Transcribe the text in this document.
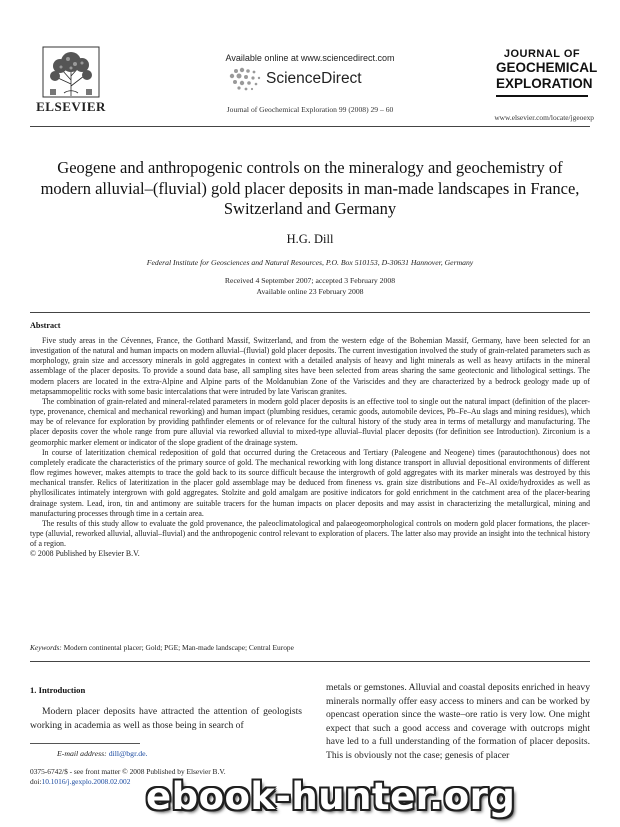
ELSEVIER
Available online at www.sciencedirect.com
ScienceDirect
Journal of Geochemical Exploration 99 (2008) 29 – 60
JOURNAL OF
GEOCHEMICAL
EXPLORATION
www.elsevier.com/locate/jgeoexp
Geogene and anthropogenic controls on the mineralogy and geochemistry of modern alluvial–(fluvial) gold placer deposits in man-made landscapes in France, Switzerland and Germany
H.G. Dill
Federal Institute for Geosciences and Natural Resources, P.O. Box 510153, D-30631 Hannover, Germany
Received 4 September 2007; accepted 3 February 2008
Available online 23 February 2008
Abstract

Five study areas in the Cévennes, France, the Gotthard Massif, Switzerland, and from the western edge of the Bohemian Massif, Germany, have been selected for an investigation of the natural and human impacts on modern alluvial–(fluvial) gold placer deposits. The current investigation involved the study of grain-related parameters such as morphology, grain size and accessory minerals in gold aggregates in context with a detailed analysis of heavy and light minerals as well as heavy artifacts in the mineral assemblage of the placer deposits. To provide a sound data base, all sampling sites have been selected from areas sharing the same geotectonic and lithological settings. The modern placers are located in the extra-Alpine and Alpine parts of the Moldanubian Zone of the Variscides and they are characterized by a bedrock geology made up of metapsammopelitic rocks with some basic intercalations that were intruded by late Variscan granites.

The combination of grain-related and mineral-related parameters in modern gold placer deposits is an effective tool to single out the natural impact (definition of the placer-type, provenance, chemical and mechanical reworking) and human impact (plumbing residues, ceramic goods, automobile devices, Pb–Fe–Au slags and mining residues), which may be of relevance for exploration by providing pathfinder elements or of relevance for the cultural history of the study area in terms of metallurgy and manufacturing. The placer deposits cover the whole range from pure alluvial via reworked alluvial to mixed-type alluvial–fluvial placer deposits (for definition see Introduction). Zirconium is a geomorphic marker element or indicator of the slope gradient of the drainage system.

In course of lateritization chemical redeposition of gold that occurred during the Cretaceous and Tertiary (Paleogene and Neogene) times (parautochthonous) does not completely eradicate the characteristics of the primary source of gold. The mechanical reworking with long distance transport in alluvial depositional environments of different flow regimes however, makes attempts to trace the gold back to its source difficult because the intergrowth of gold aggregates with its marker minerals was destroyed by this mechanical transfer. Relics of lateritization in the placer gold assemblage may be deduced from fineness vs. grain size distributions and Fe–Al oxide/hydroxides as well as phyllosilicates intimately intergrown with gold aggregates. Stolzite and gold amalgam are positive indicators for gold enrichment in the catchment area of the placer-bearing drainage system. Lead, iron, tin and antimony are suitable tracers for the human impacts on placer deposits and may assist in characterizing the metallurgical, mining and manufacturing processes through time in a certain area.

The results of this study allow to evaluate the gold provenance, the paleoclimatological and palaeogeomorphological controls on modern gold placer formations, the placer-type (alluvial, reworked alluvial, alluvial–fluvial) and the anthropogenic control relevant to exploration of placers. The latter also may provide an insight into the technical history of a region.

© 2008 Published by Elsevier B.V.

Keywords: Modern continental placer; Gold; PGE; Man-made landscape; Central Europe
1. Introduction

Modern placer deposits have attracted the attention of geologists working in academia as well as those being in search of

metals or gemstones. Alluvial and coastal deposits enriched in heavy minerals normally offer easy access to miners and can be worked by opencast operation since the waste–ore ratio is very low. One might expect that such a good access and coverage with outcrops might have led to a full understanding of the formation of placer deposits. This is obviously not the case; genesis of placer

E-mail address: dill@bgr.de.
0375-6742/$ - see front matter © 2008 Published by Elsevier B.V.
doi:10.1016/j.gexplo.2008.02.002 ebook-hunter.org
